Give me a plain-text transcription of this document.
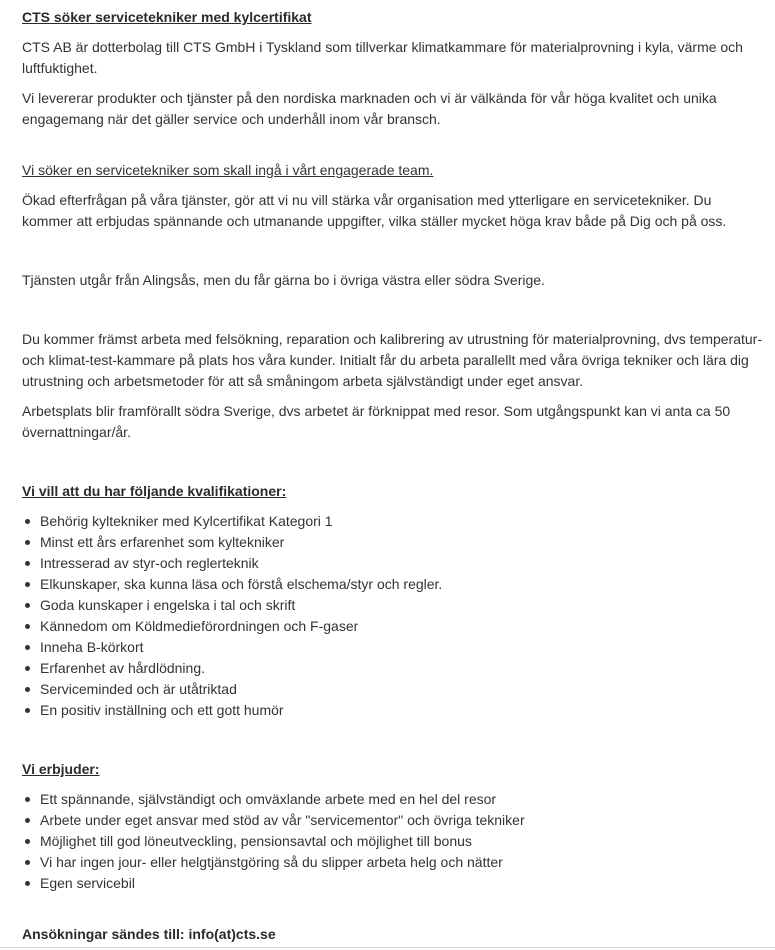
CTS söker servicetekniker med kylcertifikat

CTS AB är dotterbolag till CTS GmbH i Tyskland som tillverkar klimatkammare för materialprovning i kyla, värme och luftfuktighet.

Vi levererar produkter och tjänster på den nordiska marknaden och vi är välkända för vår höga kvalitet och unika engagemang när det gäller service och underhåll inom vår bransch.

Vi söker en servicetekniker som skall ingå i vårt engagerade team.

Ökad efterfrågan på våra tjänster, gör att vi nu vill stärka vår organisation med ytterligare en servicetekniker. Du kommer att erbjudas spännande och utmanande uppgifter, vilka ställer mycket höga krav både på Dig och på oss.

Tjänsten utgår från Alingsås, men du får gärna bo i övriga västra eller södra Sverige.

Du kommer främst arbeta med felsökning, reparation och kalibrering av utrustning för materialprovning, dvs temperatur- och klimat-test-kammare på plats hos våra kunder. Initialt får du arbeta parallellt med våra övriga tekniker och lära dig utrustning och arbetsmetoder för att så småningom arbeta självständigt under eget ansvar.

Arbetsplats blir framförallt södra Sverige, dvs arbetet är förknippat med resor. Som utgångspunkt kan vi anta ca 50 övernattningar/år.

Vi vill att du har följande kvalifikationer:

Behörig kyltekniker med Kylcertifikat Kategori 1
Minst ett års erfarenhet som kyltekniker
Intresserad av styr-och reglerteknik
Elkunskaper, ska kunna läsa och förstå elschema/styr och regler.
Goda kunskaper i engelska i tal och skrift
Kännedom om Köldmedieförordningen och F-gaser
Inneha B-körkort
Erfarenhet av hårdlödning.
Serviceminded och är utåtriktad
En positiv inställning och ett gott humör

Vi erbjuder:

Ett spännande, självständigt och omväxlande arbete med en hel del resor
Arbete under eget ansvar med stöd av vår "servicementor" och övriga tekniker
Möjlighet till god löneutveckling, pensionsavtal och möjlighet till bonus
Vi har ingen jour- eller helgtjänstgöring så du slipper arbeta helg och nätter
Egen servicebil

Ansökningar sändes till: info(at)cts.se
